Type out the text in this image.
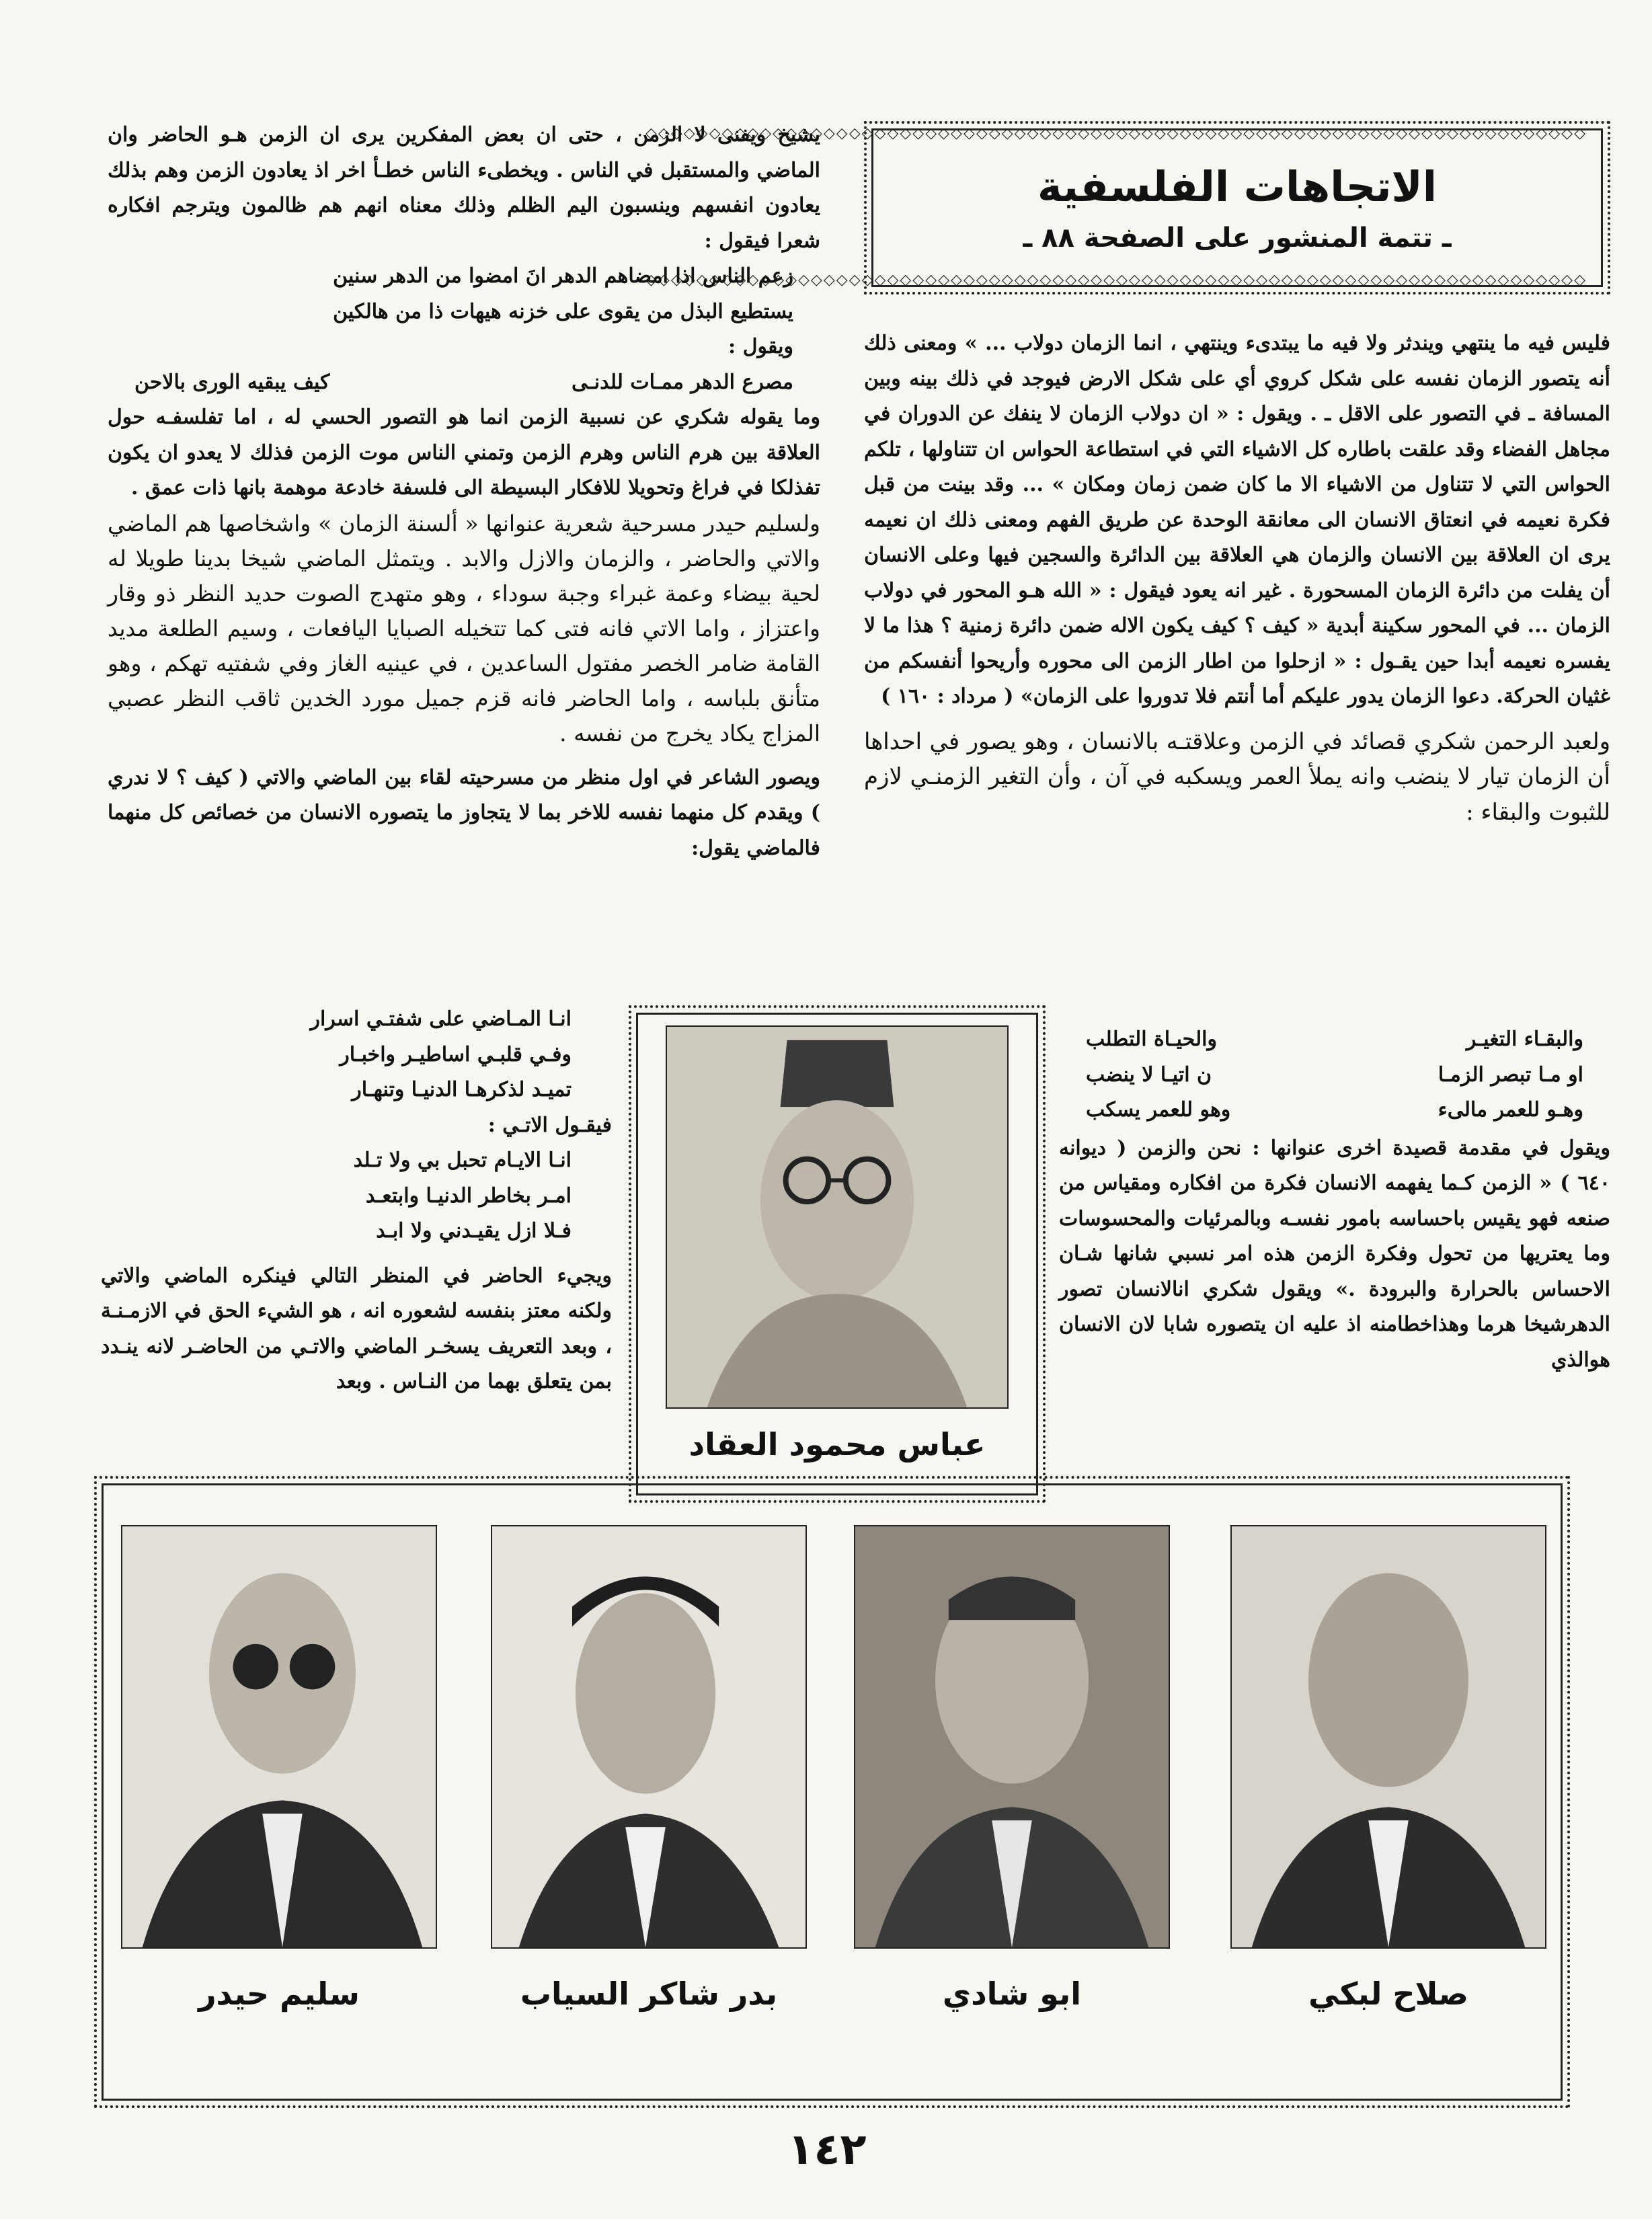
الاتجاهات الفلسفية
ـ تتمة المنشور على الصفحة ٨٨ ـ
◇◇◇◇◇◇◇◇◇◇◇◇◇◇◇◇◇◇◇◇◇◇◇◇◇◇◇◇◇◇◇◇◇◇◇◇◇◇◇◇◇◇◇◇◇◇◇◇◇◇◇◇◇◇◇◇◇◇◇◇◇◇◇◇◇◇◇◇◇◇◇◇◇◇
◇◇◇◇◇◇◇◇◇◇◇◇◇◇◇◇◇◇◇◇◇◇◇◇◇◇◇◇◇◇◇◇◇◇◇◇◇◇◇◇◇◇◇◇◇◇◇◇◇◇◇◇◇◇◇◇◇◇◇◇◇◇◇◇◇◇◇◇◇◇◇◇◇◇

فليس فيه ما ينتهي ويندثر ولا فيه ما يبتدىء وينتهي ، انما الزمان دولاب ... » ومعنى ذلك أنه يتصور الزمان نفسه على شكل كروي أي على شكل الارض فيوجد في ذلك بينه وبين المسافة ـ في التصور على الاقل ـ . ويقول : « ان دولاب الزمان لا ينفك عن الدوران في مجاهل الفضاء وقد علقت باطاره كل الاشياء التي في استطاعة الحواس ان تتناولها ، تلكم الحواس التي لا تتناول من الاشياء الا ما كان ضمن زمان ومكان » ... وقد بينت من قبل فكرة نعيمه في انعتاق الانسان الى معانقة الوحدة عن طريق الفهم ومعنى ذلك ان نعيمه يرى ان العلاقة بين الانسان والزمان هي العلاقة بين الدائرة والسجين فيها وعلى الانسان أن يفلت من دائرة الزمان المسحورة . غير انه يعود فيقول : « الله هـو المحور في دولاب الزمان ... في المحور سكينة أبدية « كيف ؟ كيف يكون الاله ضمن دائرة زمنية ؟ هذا ما لا يفسره نعيمه أبدا حين يقـول : « ازحلوا من اطار الزمن الى محوره وأريحوا أنفسكم من غثيان الحركة. دعوا الزمان يدور عليكم أما أنتم فلا تدوروا على الزمان» ( مرداد : ١٦٠ )

ولعبد الرحمن شكري قصائد في الزمن وعلاقتـه بالانسان ، وهو يصور في احداها أن الزمان تيار لا ينضب وانه يملأ العمر ويسكبه في آن ، وأن التغير الزمنـي لازم للثبوت والبقاء :

والبقـاء التغيـر
والحيـاة التطلب
او مـا تبصر الزمـا
ن اتيـا لا ينضب
وهـو للعمر مالىء
وهو للعمر يسكب

ويقول في مقدمة قصيدة اخرى عنوانها : نحن والزمن ( ديوانه ٦٤٠ ) « الزمن كـما يفهمه الانسان فكرة من افكاره ومقياس من صنعه فهو يقيس باحساسه بامور نفسـه وبالمرئيات والمحسوسات وما يعتريها من تحول وفكرة الزمن هذه امر نسبي شانها شـان الاحساس بالحرارة والبرودة .» ويقول شكري انالانسان تصور الدهرشيخا هرما وهذاخطامنه اذ عليه ان يتصوره شابا لان الانسان هوالذي

يشيخ ويفنى لا الزمن ، حتى ان بعض المفكرين يرى ان الزمن هـو الحاضر وان الماضي والمستقبل في الناس . ويخطىء الناس خطـأ اخر اذ يعادون الزمن وهم بذلك يعادون انفسهم وينسبون اليم الظلم وذلك معناه انهم هم ظالمون ويترجم افكاره شعرا فيقول :

زعم الناس اذا امضاهم الدهر انَ امضوا من الدهر سنين
يستطيع البذل من يقوى على خزنه هيهات ذا من هالكين
ويقول :
مصرع الدهر ممـات للدنـى
كيف يبقيه الورى بالاحن

وما يقوله شكري عن نسبية الزمن انما هو التصور الحسي له ، اما تفلسفـه حول العلاقة بين هرم الناس وهرم الزمن وتمني الناس موت الزمن فذلك لا يعدو ان يكون تفذلكا في فراغ وتحويلا للافكار البسيطة الى فلسفة خادعة موهمة بانها ذات عمق .

ولسليم حيدر مسرحية شعرية عنوانها « ألسنة الزمان » واشخاصها هم الماضي والاتي والحاضر ، والزمان والازل والابد . ويتمثل الماضي شيخا بدينا طويلا له لحية بيضاء وعمة غبراء وجبة سوداء ، وهو متهدج الصوت حديد النظر ذو وقار واعتزاز ، واما الاتي فانه فتى كما تتخيله الصبايا اليافعات ، وسيم الطلعة مديد القامة ضامر الخصر مفتول الساعدين ، في عينيه الغاز وفي شفتيه تهكم ، وهو متأنق بلباسه ، واما الحاضر فانه قزم جميل مورد الخدين ثاقب النظر عصبي المزاج يكاد يخرج من نفسه .

ويصور الشاعر في اول منظر من مسرحيته لقاء بين الماضي والاتي ( كيف ؟ لا ندري ) ويقدم كل منهما نفسه للاخر بما لا يتجاوز ما يتصوره الانسان من خصائص كل منهما فالماضي يقول:

انـا المـاضي على شفتـي اسرار
وفـي قلبـي اساطيـر واخبـار
تميـد لذكرهـا الدنيـا وتنهـار
فيقـول الاتـي :
انـا الايـام تحبل بي ولا تـلد
امـر بخاطر الدنيـا وابتعـد
فـلا ازل يقيـدني ولا ابـد

ويجيء الحاضر في المنظر التالي فينكره الماضي والاتي ولكنه معتز بنفسه لشعوره انه ، هو الشيء الحق في الازمـنـة ، وبعد التعريف يسخـر الماضي والاتـي من الحاضـر لانه ينـدد بمن يتعلق بهما من النـاس . وبعد

عباس محمود العقاد
صلاح لبكي
ابو شادي
بدر شاكر السياب
سليم حيدر
١٤٢
